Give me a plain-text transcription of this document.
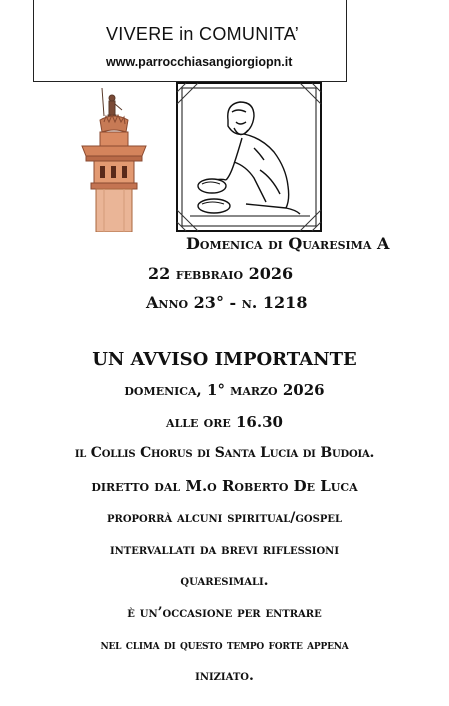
VIVERE in COMUNITA’
www.parrocchiasangiorgiopn.it
Domenica di Quaresima A
22 febbraio 2026
Anno 23° - n. 1218
UN AVVISO IMPORTANTE
domenica, 1° marzo 2026
alle ore 16.30
il Collis Chorus di Santa Lucia di Budoia.
diretto dal M.o Roberto De Luca
proporrà alcuni spiritual/gospel
intervallati da brevi riflessioni
quaresimali.
è un’occasione per entrare
nel clima di questo tempo forte appena
iniziato.
